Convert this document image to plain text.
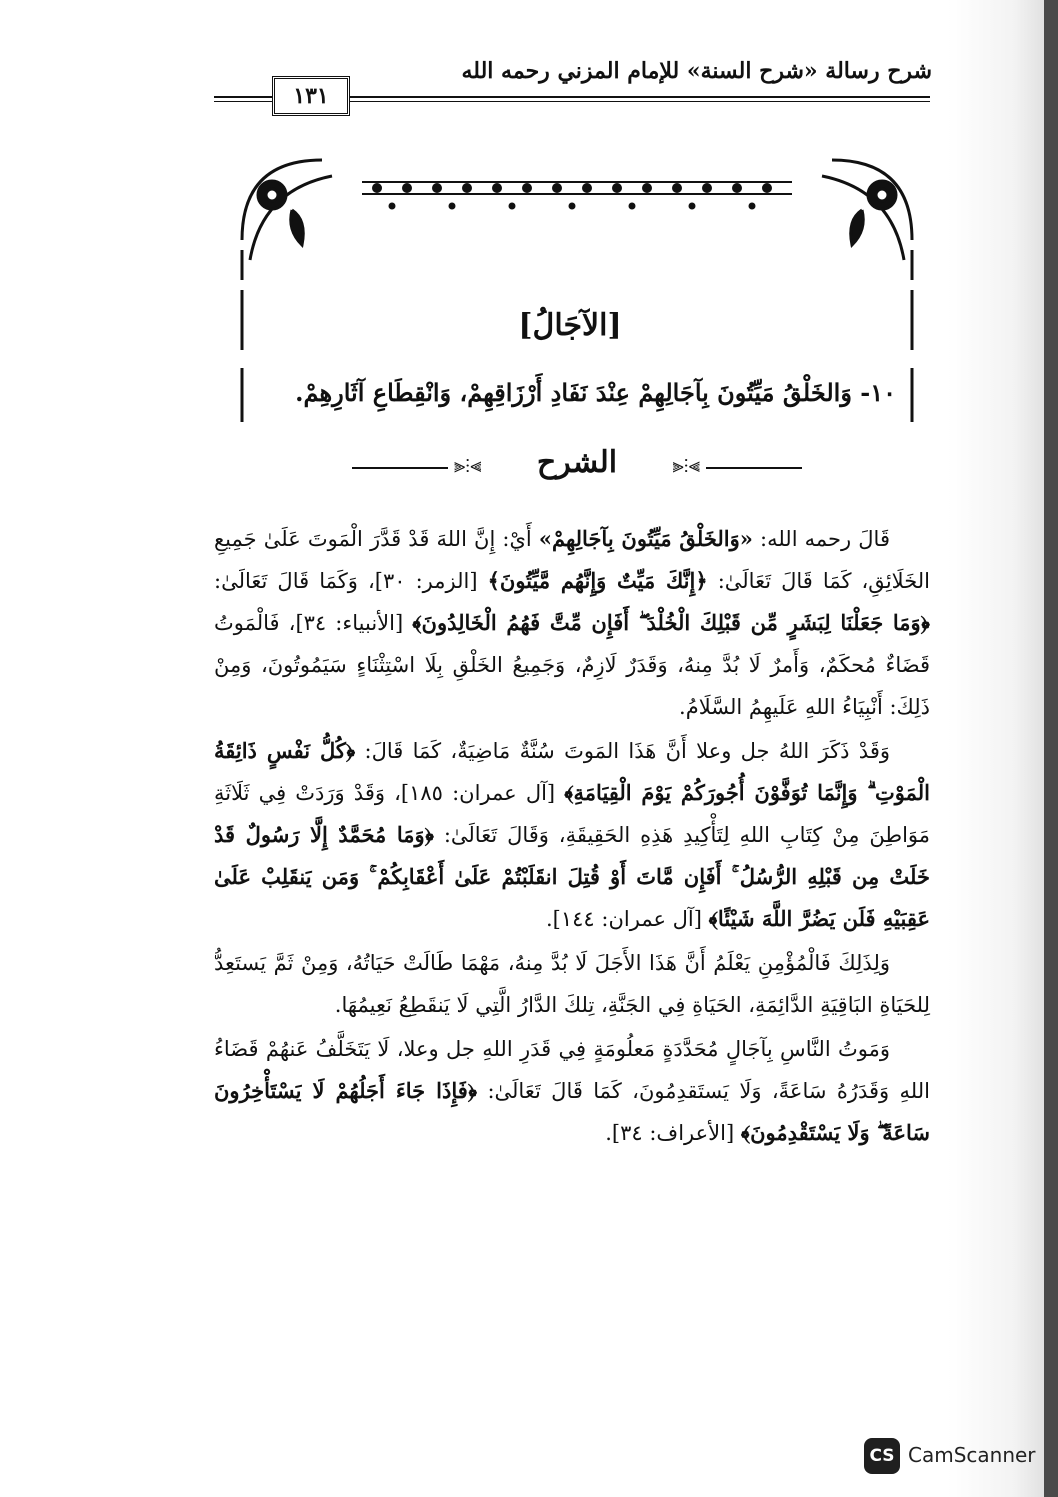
شرح رسالة «شرح السنة» للإمام المزني رحمه الله
١٣١
[الآجَالُ]
١٠- وَالخَلْقُ مَيِّتُونَ بِآجَالِهِمْ عِنْدَ نَفَادِ أَرْزَاقِهِمْ، وَانْقِطَاعِ آثَارِهِمْ.
⫸⫶⫷	الشرح	⫸⫶⫷

قَالَ رحمه الله: «وَالخَلْقُ مَيِّتُونَ بِآجَالِهِمْ» أَيْ: إِنَّ اللهَ قَدْ قَدَّرَ الْمَوتَ عَلَىٰ جَمِيعِ الخَلَائِقِ، كَمَا قَالَ تَعَالَىٰ: ﴿إِنَّكَ مَيِّتٌ وَإِنَّهُم مَّيِّتُونَ﴾ [الزمر: ٣٠]، وَكَمَا قَالَ تَعَالَىٰ: ﴿وَمَا جَعَلْنَا لِبَشَرٍ مِّن قَبْلِكَ الْخُلْدَ ۖ أَفَإِن مِّتَّ فَهُمُ الْخَالِدُونَ﴾ [الأنبياء: ٣٤]، فَالْمَوتُ قَضَاءٌ مُحكَمٌ، وَأَمرٌ لَا بُدَّ مِنهُ، وَقَدَرٌ لَازِمٌ، وَجَمِيعُ الخَلْقِ بِلَا اسْتِثْنَاءٍ سَيَمُوتُونَ، وَمِنْ ذَلِكَ: أَنْبِيَاءُ اللهِ عَلَيهِمُ السَّلَامُ.

وَقَدْ ذَكَرَ اللهُ جل وعلا أَنَّ هَذَا المَوتَ سُنَّةٌ مَاضِيَةٌ، كَمَا قَالَ: ﴿كُلُّ نَفْسٍ ذَائِقَةُ الْمَوْتِ ۗ وَإِنَّمَا تُوَفَّوْنَ أُجُورَكُمْ يَوْمَ الْقِيَامَةِ﴾ [آل عمران: ١٨٥]، وَقَدْ وَرَدَتْ فِي ثَلَاثَةِ مَوَاطِنَ مِنْ كِتَابِ اللهِ لِتَأْكِيدِ هَذِهِ الحَقِيقَةِ، وَقَالَ تَعَالَىٰ: ﴿وَمَا مُحَمَّدٌ إِلَّا رَسُولٌ قَدْ خَلَتْ مِن قَبْلِهِ الرُّسُلُ ۚ أَفَإِن مَّاتَ أَوْ قُتِلَ انقَلَبْتُمْ عَلَىٰ أَعْقَابِكُمْ ۚ وَمَن يَنقَلِبْ عَلَىٰ عَقِبَيْهِ فَلَن يَضُرَّ اللَّهَ شَيْئًا﴾ [آل عمران: ١٤٤].

وَلِذَلِكَ فَالْمُؤْمِنِ يَعْلَمُ أَنَّ هَذَا الأَجَلَ لَا بُدَّ مِنهُ، مَهْمَا طَالَتْ حَيَاتُهُ، وَمِنْ ثَمَّ يَستَعِدُّ لِلحَيَاةِ البَاقِيَةِ الدَّائِمَةِ، الحَيَاةِ فِي الجَنَّةِ، تِلكَ الدَّارُ الَّتِي لَا يَنقَطِعُ نَعِيمُهَا.

وَمَوتُ النَّاسِ بِآجَالٍ مُحَدَّدَةٍ مَعلُومَةٍ فِي قَدَرِ اللهِ جل وعلا، لَا يَتَخَلَّفُ عَنهُمْ قَضَاءُ اللهِ وَقَدَرُهُ سَاعَةً، وَلَا يَستَقدِمُونَ، كَمَا قَالَ تَعَالَىٰ: ﴿فَإِذَا جَاءَ أَجَلُهُمْ لَا يَسْتَأْخِرُونَ سَاعَةً ۖ وَلَا يَسْتَقْدِمُونَ﴾ [الأعراف: ٣٤].

CS CamScanner
